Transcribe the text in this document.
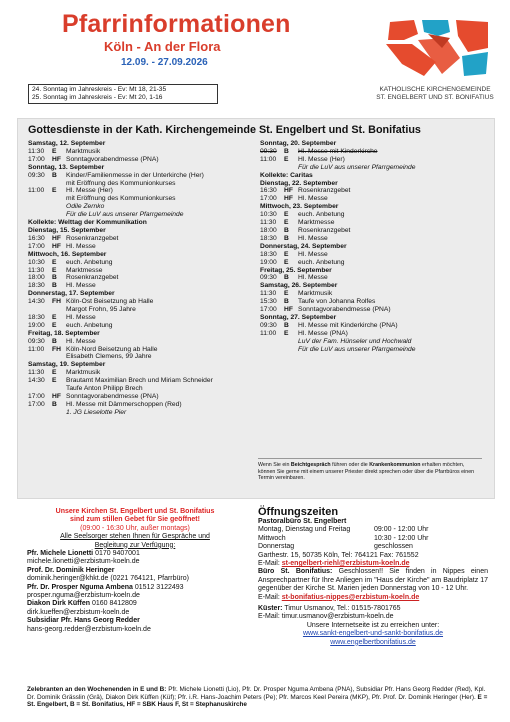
Pfarrinformationen
Köln - An der Flora
12.09. - 27.09.2026
KATHOLISCHE KIRCHENGEMEINDE
ST. ENGELBERT UND ST. BONIFATIUS
24. Sonntag im Jahreskreis - Ev: Mt 18, 21-35
25. Sonntag im Jahreskreis - Ev: Mt 20, 1-16
Gottesdienste in der Kath. Kirchengemeinde St. Engelbert und St. Bonifatius
Samstag, 12. September
11:30	E	Marktmusik
17:00	HF Sonntagvorabendmesse (PNA)
Sonntag, 13. September
09:30	B	Kinder/Familienmesse in der Unterkirche (Her)
mit Eröffnung des Kommunionkurses
11:00	E	Hl. Messe (Her)
mit Eröffnung des Kommunionkurses
Odile Zernko
Für die LuV aus unserer Pfarrgemeinde
Kollekte: Welttag der Kommunikation
Dienstag, 15. September
16:30	HF Rosenkranzgebet
17:00	HF Hl. Messe
Mittwoch, 16. September
10:30	E	euch. Anbetung
11:30	E	Marktmesse
18:00	B	Rosenkranzgebet
18:30	B	Hl. Messe
Donnerstag, 17. September
14:30	FH Köln-Ost Beisetzung ab Halle
Margot Frohn, 95 Jahre
18:30	E	Hl. Messe
19:00	E	euch. Anbetung
Freitag, 18. September
09:30	B	Hl. Messe
11:00	FH Köln-Nord Beisetzung ab Halle
Elisabeth Clemens, 99 Jahre
Samstag, 19. September
11:30	E	Marktmusik
14:30	E	Brautamt Maximilian Brech und Miriam Schneider
Taufe Anton Philipp Brech
17:00	HF Sonntagvorabendmesse (PNA)
17:00	B	Hl. Messe mit Dämmerschoppen (Red)
1. JG Lieselotte Pier
Sonntag, 20. September
09:30	B	Hl. Messe mit Kinderkirche
11:00	E	Hl. Messe (Her)
Für die LuV aus unserer Pfarrgemeinde
Kollekte: Caritas
Dienstag, 22. September
16:30	HF Rosenkranzgebet
17:00	HF Hl. Messe
Mittwoch, 23. September
10:30	E	euch. Anbetung
11:30	E	Marktmesse
18:00	B	Rosenkranzgebet
18:30	B	Hl. Messe
Donnerstag, 24. September
18:30	E	Hl. Messe
19:00	E	euch. Anbetung
Freitag, 25. September
09:30	B	Hl. Messe
Samstag, 26. September
11:30	E	Marktmusik
15:30	B	Taufe von Johanna Rolfes
17:00	HF Sonntagvorabendmesse (PNA)
Sonntag, 27. September
09:30	B	Hl. Messe mit Kinderkirche (PNA)
11:00	E	Hl. Messe (PNA)
LuV der Fam. Hünseler und Hochwald
Für die LuV aus unserer Pfarrgemeinde
Wenn Sie ein Beichtgespräch führen oder die Krankenkommunion erhalten möchten, können Sie gerne mit einem unserer Priester direkt sprechen oder über die Pfarrbüros einen Termin vereinbaren.
Unsere Kirchen St. Engelbert und St. Bonifatius
sind zum stillen Gebet für Sie geöffnet!
(09:00 - 16:30 Uhr, außer montags)
Alle Seelsorger stehen Ihnen für Gespräche und
Begleitung zur Verfügung:
Pfr. Michele Lionetti 0170 9407001
michele.lionetti@erzbistum-koeln.de
Prof. Dr. Dominik Heringer
dominik.heringer@khkt.de (0221 764121, Pfarrbüro)
Pfr. Dr. Prosper Nguma Ambena 01512 3122493
prosper.nguma@erzbistum-koeln.de
Diakon Dirk Küffen 0160 8412809
dirk.kueffen@erzbistum-koeln.de
Subsidiar Pfr. Hans Georg Redder
hans-georg.redder@erzbistum-koeln.de
Öffnungszeiten
Pastoralbüro St. Engelbert
Montag, Dienstag und Freitag	09:00 - 12:00 Uhr
Mittwoch	10:30 - 12:00 Uhr
Donnerstag	geschlossen
Garthestr. 15, 50735 Köln, Tel: 764121 Fax: 761552
E-Mail: st-engelbert-riehl@erzbistum-koeln.de
Büro St. Bonifatius: Geschlossen!! Sie finden in Nippes einen Ansprechpartner für Ihre Anliegen im "Haus der Kirche" am Baudriplatz 17 gegenüber der Kirche St. Marien jeden Donnerstag von 10 - 12 Uhr.
E-Mail: st-bonifatius-nippes@erzbistum-koeln.de
Küster: Timur Usmanov, Tel.: 01515-7801765
E-Mail: timur.usmanov@erzbistum-koeln.de
Unsere Internetseite ist zu erreichen unter:
www.sankt-engelbert-und-sankt-bonifatius.de
www.engelbertbonifatius.de
Zelebranten an den Wochenenden in E und B: Pfr. Michele Lionetti (Lio), Pfr. Dr. Prosper Nguma Ambena (PNA), Subsidiar Pfr. Hans Georg Redder (Red), Kpl. Dr. Dominik Grässlin (Grä), Diakon Dirk Küffen (Küf); Pfr. i.R. Hans-Joachim Peters (Pe); Pfr. Marcos Keel Pereira (MKP), Pfr. Prof. Dr. Dominik Heringer (Her). E = St. Engelbert, B = St. Bonifatius, HF = SBK Haus F, St = Stephanuskirche
